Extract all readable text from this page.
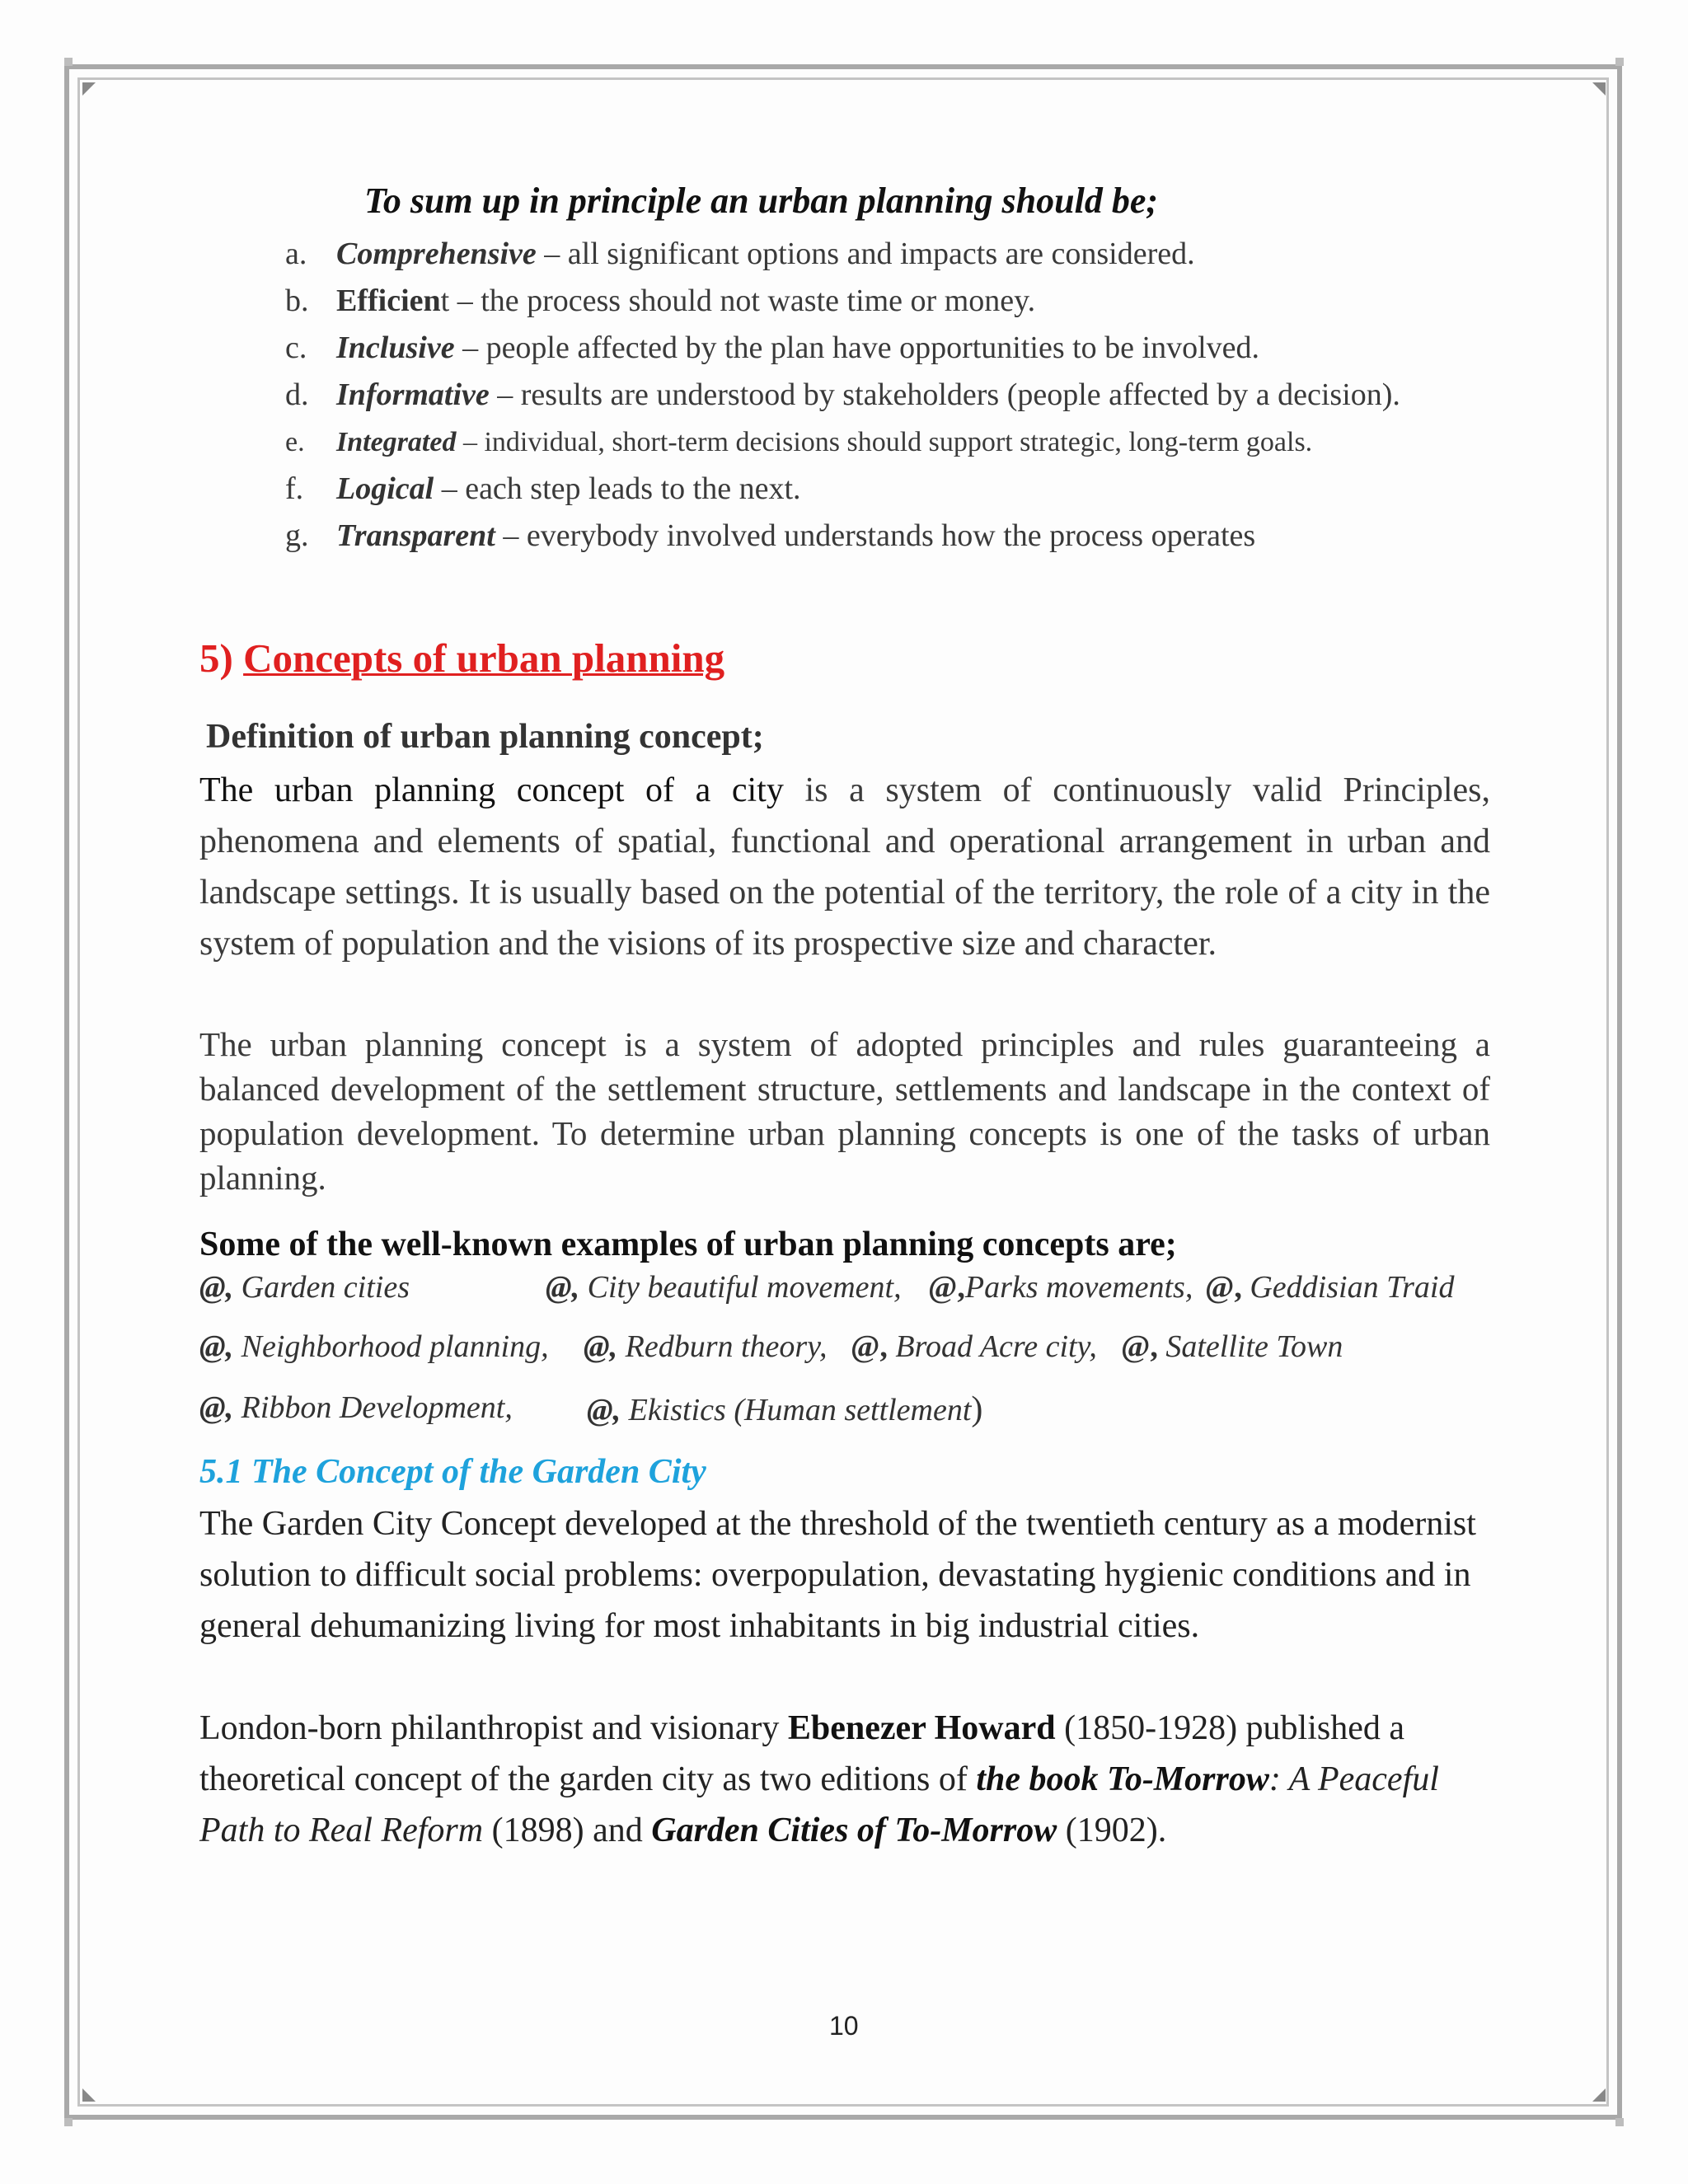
To sum up in principle an urban planning should be;
a. Comprehensive – all significant options and impacts are considered.
b. Efficient – the process should not waste time or money.
c. Inclusive – people affected by the plan have opportunities to be involved.
d. Informative – results are understood by stakeholders (people affected by a decision).
e. Integrated – individual, short-term decisions should support strategic, long-term goals.
f. Logical – each step leads to the next.
g. Transparent – everybody involved understands how the process operates
5) Concepts of urban planning
Definition of urban planning concept;
The urban planning concept of a city is a system of continuously valid Principles, phenomena and elements of spatial, functional and operational arrangement in urban and landscape settings. It is usually based on the potential of the territory, the role of a city in the system of population and the visions of its prospective size and character.
The urban planning concept is a system of adopted principles and rules guaranteeing a balanced development of the settlement structure, settlements and landscape in the context of population development. To determine urban planning concepts is one of the tasks of urban planning.
Some of the well-known examples of urban planning concepts are;
@, Garden cities	@, City beautiful movement, @,Parks movements, @, Geddisian Traid
@, Neighborhood planning, @, Redburn theory, @, Broad Acre city, @, Satellite Town
@, Ribbon Development, @, Ekistics (Human settlement)
5.1 The Concept of the Garden City
The Garden City Concept developed at the threshold of the twentieth century as a modernist solution to difficult social problems: overpopulation, devastating hygienic conditions and in general dehumanizing living for most inhabitants in big industrial cities.
London-born philanthropist and visionary Ebenezer Howard (1850-1928) published a theoretical concept of the garden city as two editions of the book To-Morrow: A Peaceful Path to Real Reform (1898) and Garden Cities of To-Morrow (1902).
10
